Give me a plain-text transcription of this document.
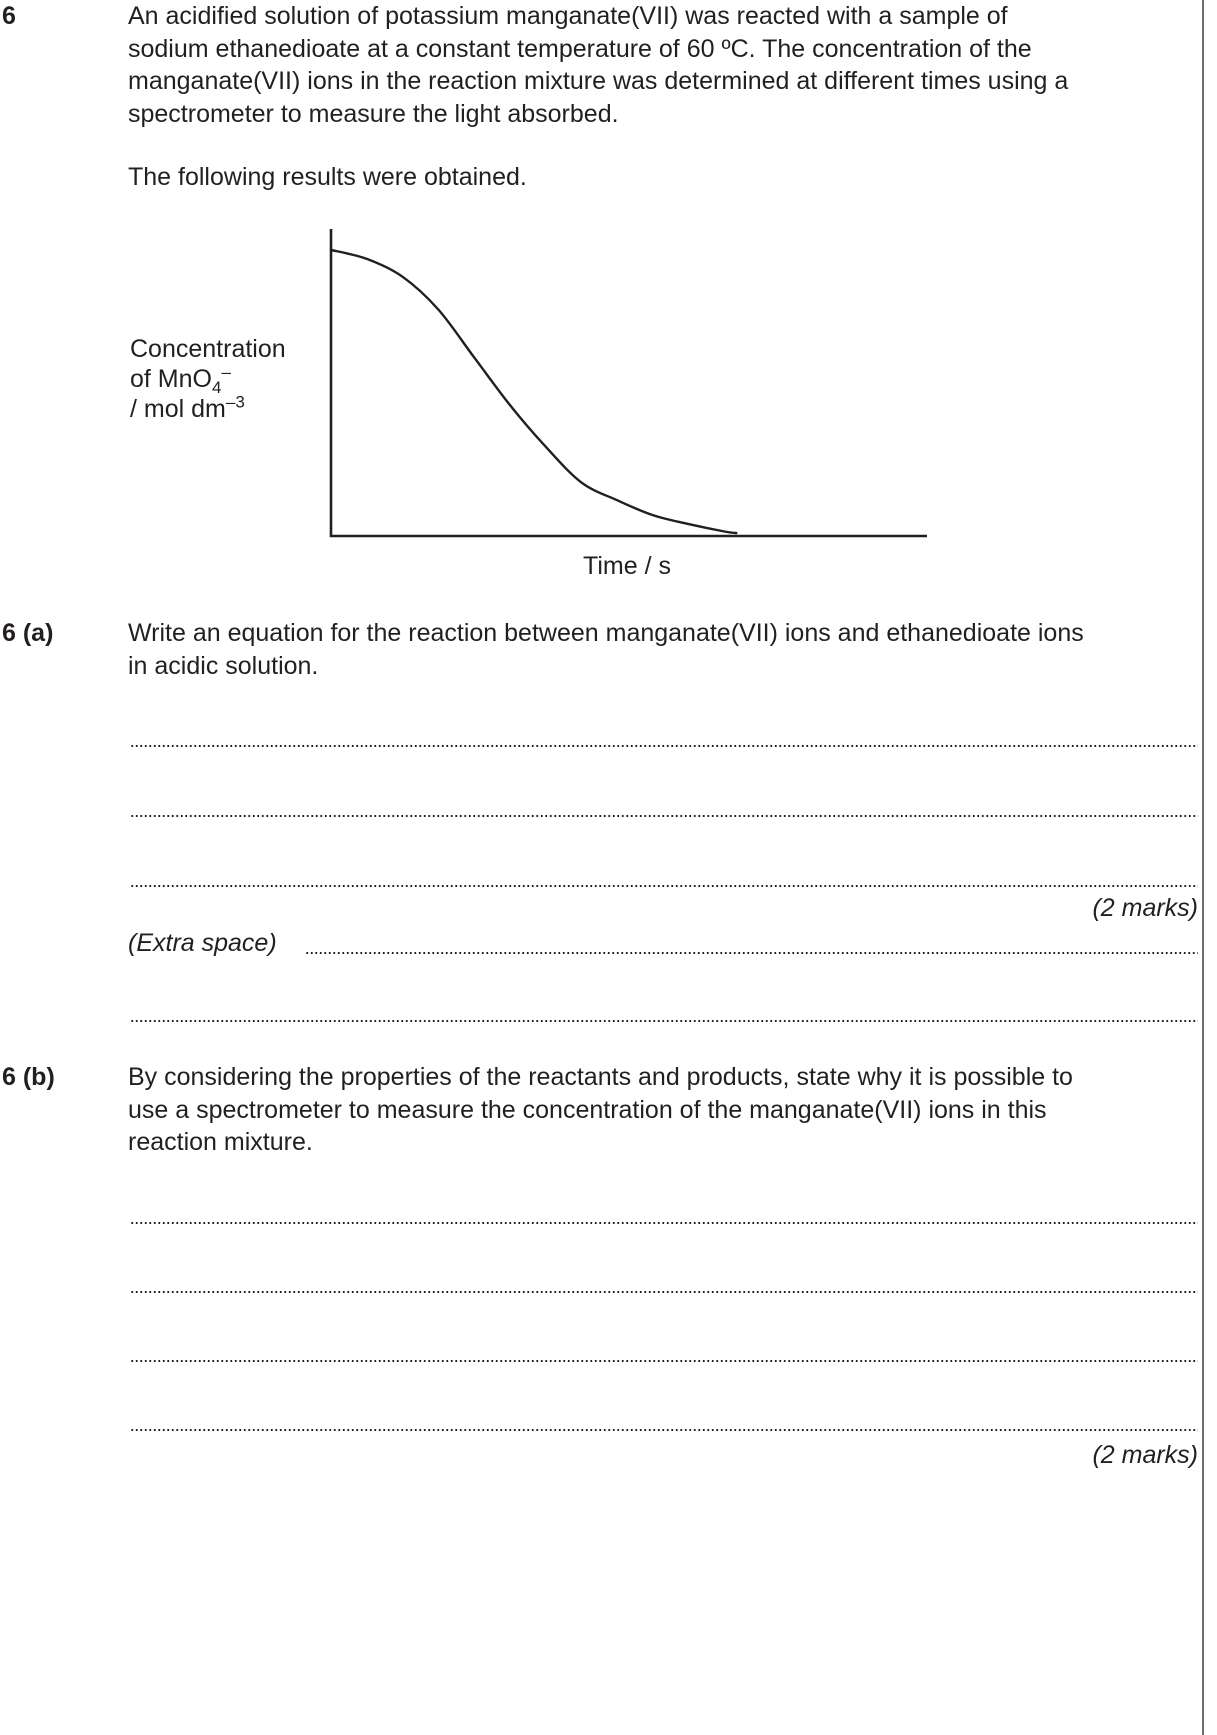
6	An acidified solution of potassium manganate(VII) was reacted with a sample of
sodium ethanedioate at a constant temperature of 60 ºC. The concentration of the
manganate(VII) ions in the reaction mixture was determined at different times using a
spectrometer to measure the light absorbed.

The following results were obtained.

Concentration
of MnO$_4$–
/ mol $dm^{-3}$
Time / s
6 (a)	Write an equation for the reaction between manganate(VII) ions and ethanedioate ions
in acidic solution.

(2 marks)
(Extra space)
6 (b)	By considering the properties of the reactants and products, state why it is possible to
use a spectrometer to measure the concentration of the manganate(VII) ions in this
reaction mixture.

(2 marks)
